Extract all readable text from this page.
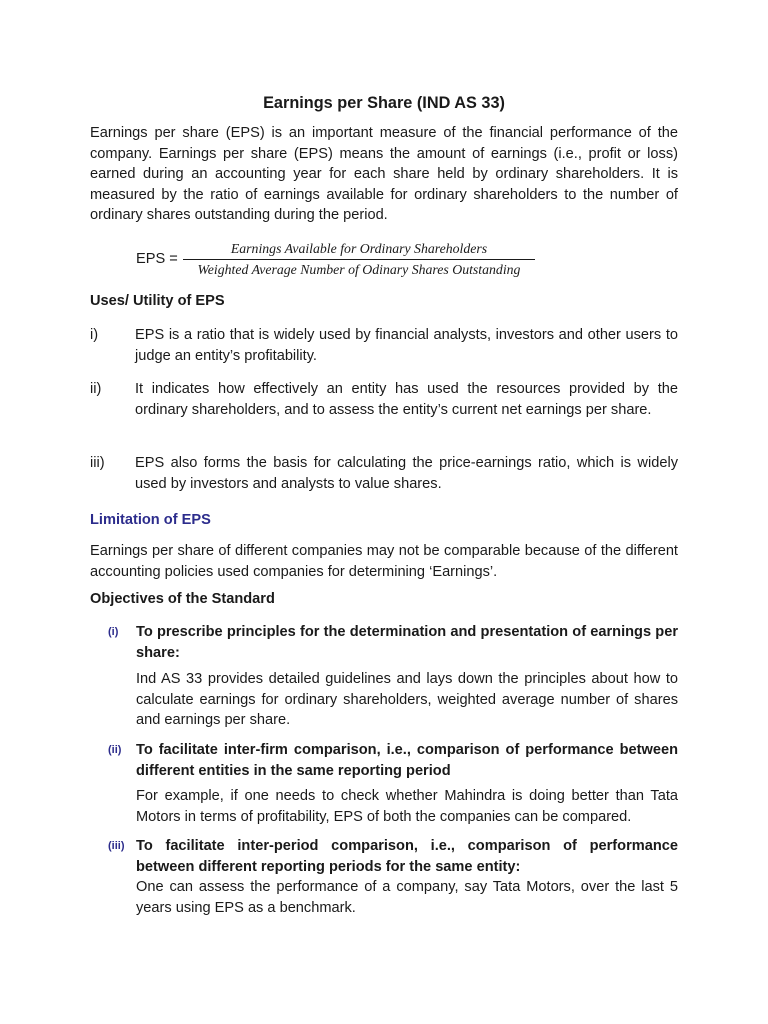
Earnings per Share (IND AS 33)
Earnings per share (EPS) is an important measure of the financial performance of the company. Earnings per share (EPS) means the amount of earnings (i.e., profit or loss) earned during an accounting year for each share held by ordinary shareholders. It is measured by the ratio of earnings available for ordinary shareholders to the number of ordinary shares outstanding during the period.
EPS =
Earnings Available for Ordinary Shareholders
Weighted Average Number of Odinary Shares Outstanding
Uses/ Utility of EPS
i)	EPS is a ratio that is widely used by financial analysts, investors and other users to judge an entity’s profitability.
ii)	It indicates how effectively an entity has used the resources provided by the ordinary shareholders, and to assess the entity’s current net earnings per share.
iii)	EPS also forms the basis for calculating the price-earnings ratio, which is widely used by investors and analysts to value shares.
Limitation of EPS
Earnings per share of different companies may not be comparable because of the different accounting policies used companies for determining ‘Earnings’.
Objectives of the Standard
(i) To prescribe principles for the determination and presentation of earnings per share:
Ind AS 33 provides detailed guidelines and lays down the principles about how to calculate earnings for ordinary shareholders, weighted average number of shares and earnings per share.
(ii) To facilitate inter-firm comparison, i.e., comparison of performance between different entities in the same reporting period
For example, if one needs to check whether Mahindra is doing better than Tata Motors in terms of profitability, EPS of both the companies can be compared.
(iii) To facilitate inter-period comparison, i.e., comparison of performance between different reporting periods for the same entity:
One can assess the performance of a company, say Tata Motors, over the last 5 years using EPS as a benchmark.
